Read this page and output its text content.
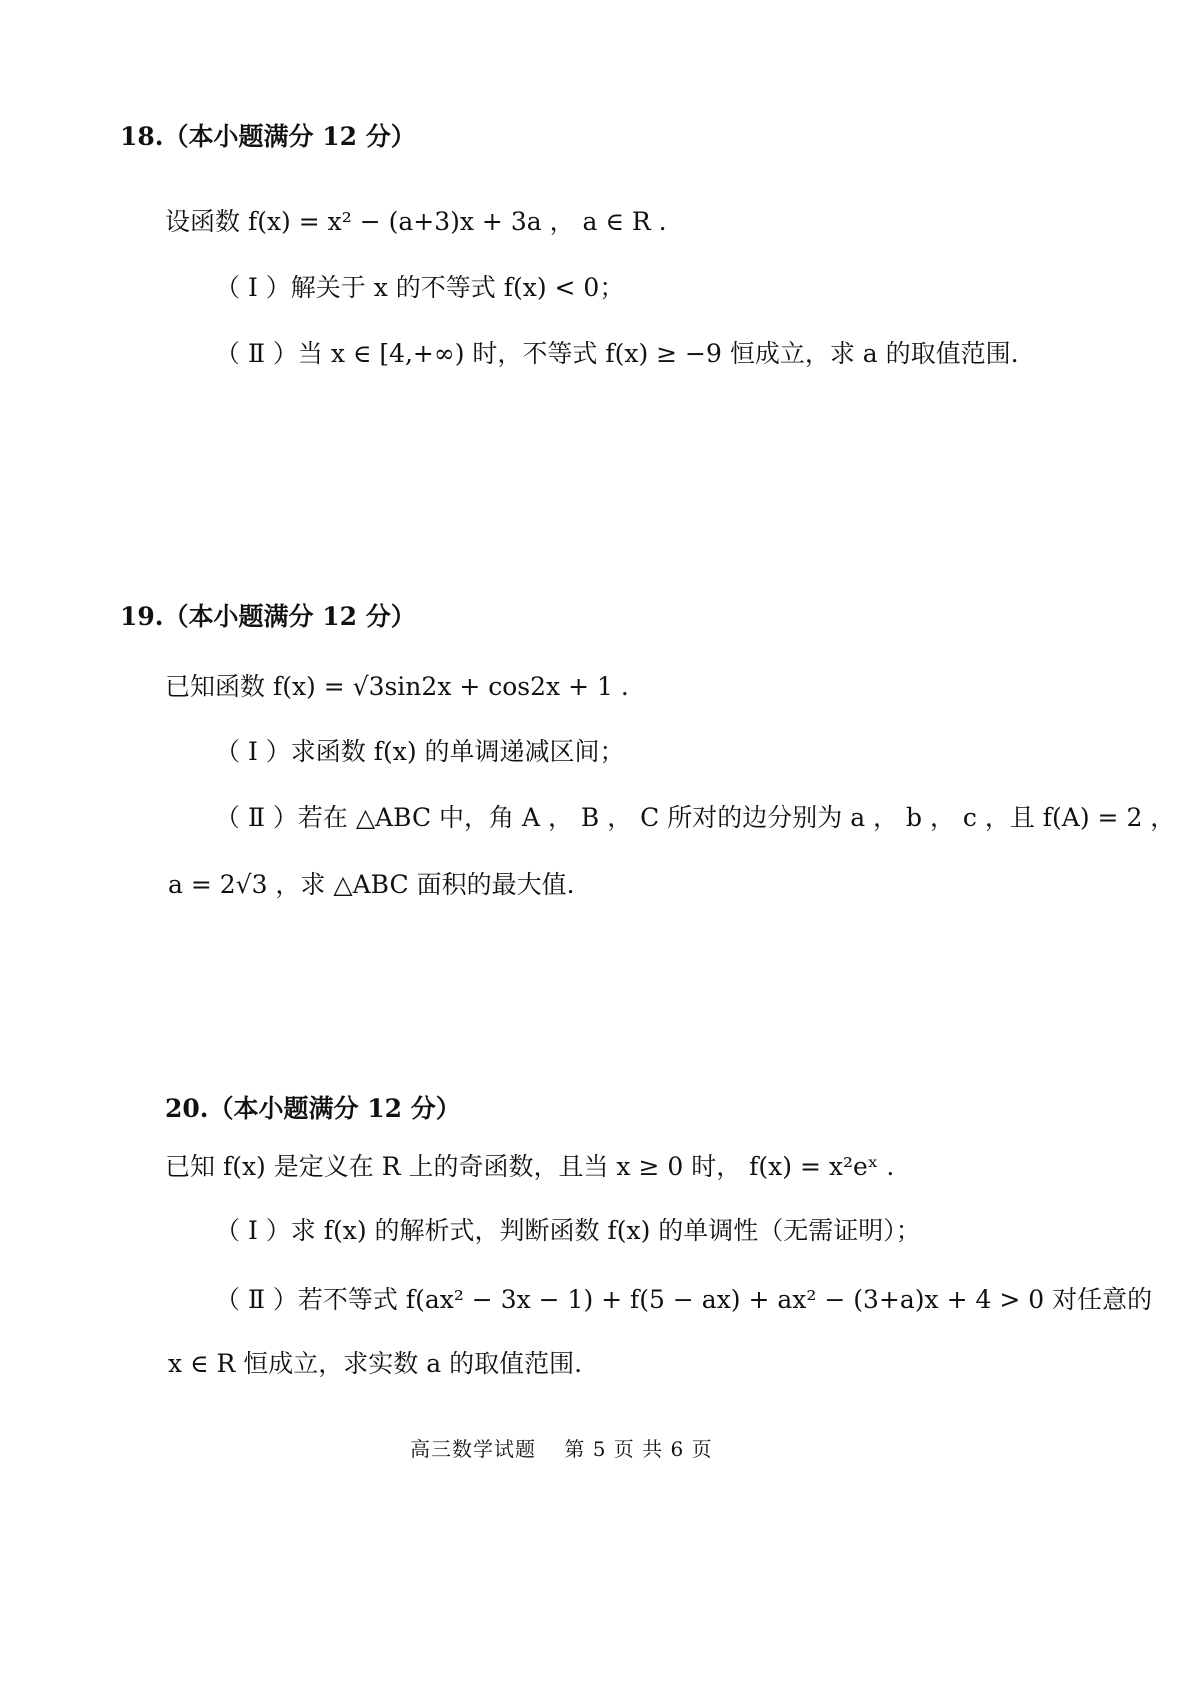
18.（本小题满分 12 分）
设函数 f(x) = x² − (a+3)x + 3a ， a ∈ R .
（ Ⅰ ）解关于 x 的不等式 f(x) < 0；
（ Ⅱ ）当 x ∈ [4,+∞) 时，不等式 f(x) ≥ −9 恒成立，求 a 的取值范围.
19.（本小题满分 12 分）
已知函数 f(x) = √3sin2x + cos2x + 1 .
（ Ⅰ ）求函数 f(x) 的单调递减区间；
（ Ⅱ ）若在 △ABC 中，角 A ， B ， C 所对的边分别为 a ， b ， c ，且 f(A) = 2 ，
a = 2√3 ，求 △ABC 面积的最大值.
20.（本小题满分 12 分）
已知 f(x) 是定义在 R 上的奇函数，且当 x ≥ 0 时， f(x) = x²eˣ .
（ Ⅰ ）求 f(x) 的解析式，判断函数 f(x) 的单调性（无需证明）；
（ Ⅱ ）若不等式 f(ax² − 3x − 1) + f(5 − ax) + ax² − (3+a)x + 4 > 0 对任意的
x ∈ R 恒成立，求实数 a 的取值范围.
高三数学试题　 第 5 页 共 6 页
